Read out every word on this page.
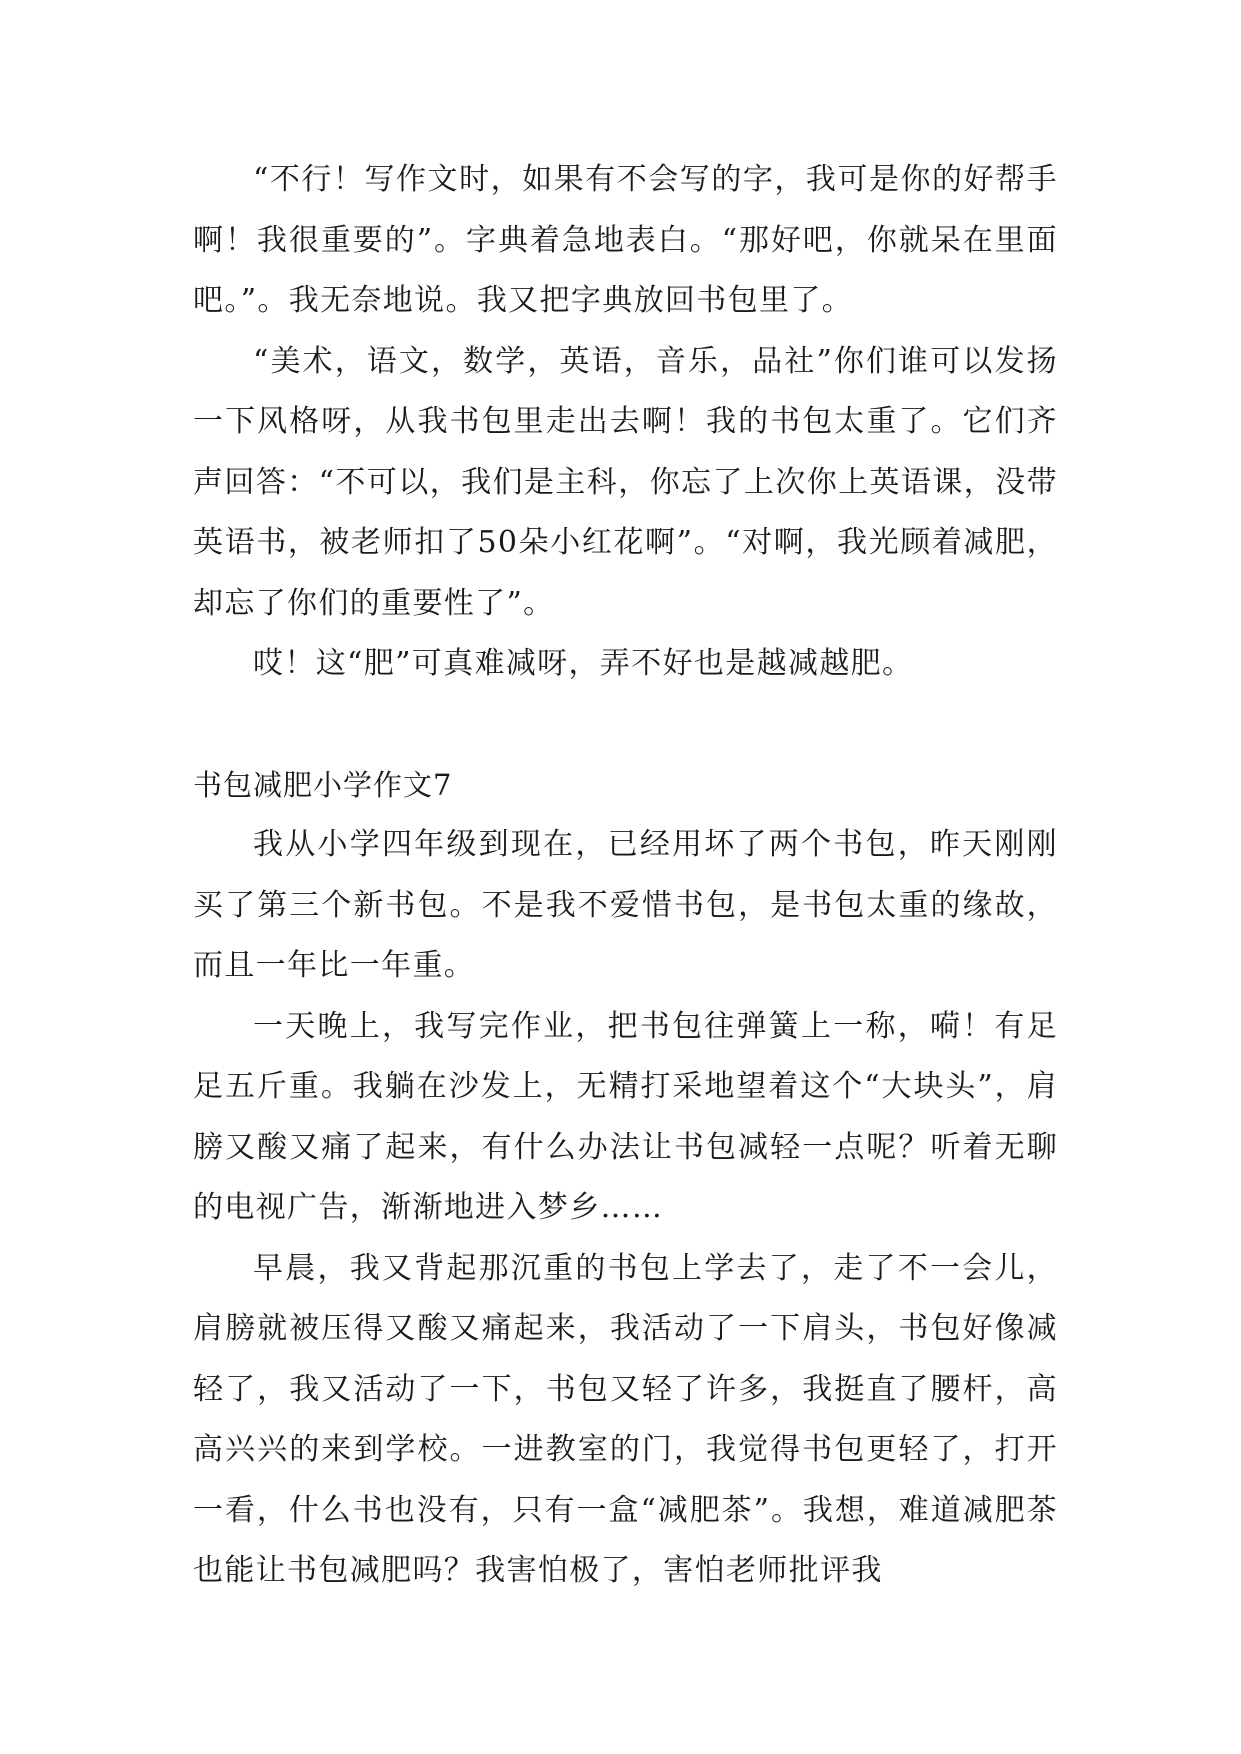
“不行！写作文时，如果有不会写的字，我可是你的好帮手啊！我很重要的”。字典着急地表白。“那好吧，你就呆在里面吧。”。我无奈地说。我又把字典放回书包里了。

“美术，语文，数学，英语，音乐，品社”你们谁可以发扬一下风格呀，从我书包里走出去啊！我的书包太重了。它们齐声回答：“不可以，我们是主科，你忘了上次你上英语课，没带英语书，被老师扣了50朵小红花啊”。“对啊，我光顾着减肥，却忘了你们的重要性了”。

哎！这“肥”可真难减呀，弄不好也是越减越肥。

书包减肥小学作文7

我从小学四年级到现在，已经用坏了两个书包，昨天刚刚买了第三个新书包。不是我不爱惜书包，是书包太重的缘故，而且一年比一年重。

一天晚上，我写完作业，把书包往弹簧上一称，嗬！有足足五斤重。我躺在沙发上，无精打采地望着这个“大块头”，肩膀又酸又痛了起来，有什么办法让书包减轻一点呢？听着无聊的电视广告，渐渐地进入梦乡……

早晨，我又背起那沉重的书包上学去了，走了不一会儿，肩膀就被压得又酸又痛起来，我活动了一下肩头，书包好像减轻了，我又活动了一下，书包又轻了许多，我挺直了腰杆，高高兴兴的来到学校。一进教室的门，我觉得书包更轻了，打开一看，什么书也没有，只有一盒“减肥茶”。我想，难道减肥茶也能让书包减肥吗？我害怕极了，害怕老师批评我
